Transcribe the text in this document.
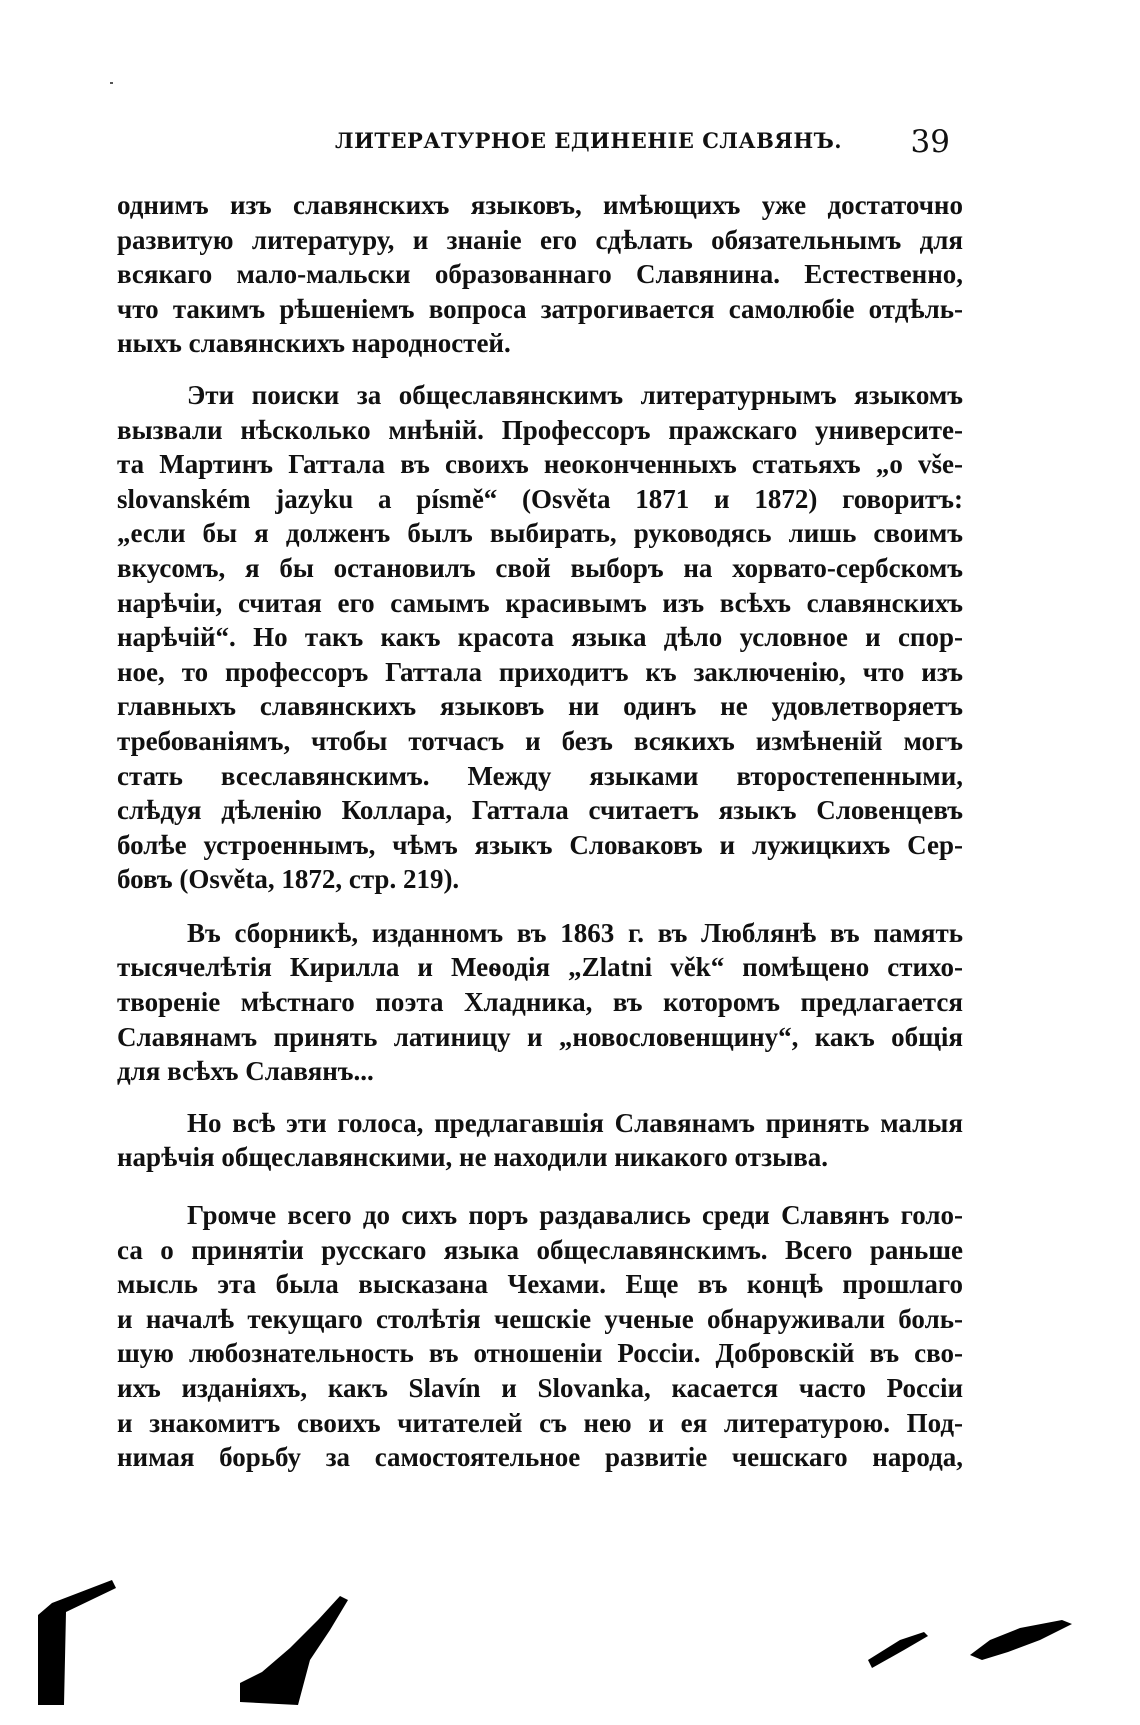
ЛИТЕРАТУРНОЕ ЕДИНЕНІЕ СЛАВЯНЪ. 39

однимъ изъ славянскихъ языковъ, имѣющихъ уже достаточно
развитую литературу, и знаніе его сдѣлать обязательнымъ для
всякаго мало-мальски образованнаго Славянина. Естественно,
что такимъ рѣшеніемъ вопроса затрогивается самолюбіе отдѣль-
ныхъ славянскихъ народностей.

Эти поиски за общеславянскимъ литературнымъ языкомъ
вызвали нѣсколько мнѣній. Профессоръ пражскаго университе-
та Мартинъ Гаттала въ своихъ неоконченныхъ статьяхъ „o vše-
slovanském jazyku a písmě“ (Osvěta 1871 и 1872) говоритъ:
„если бы я долженъ былъ выбирать, руководясь лишь своимъ
вкусомъ, я бы остановилъ свой выборъ на хорвато-сербскомъ
нарѣчіи, считая его самымъ красивымъ изъ всѣхъ славянскихъ
нарѣчій“. Но такъ какъ красота языка дѣло условное и спор-
ное, то профессоръ Гаттала приходитъ къ заключенію, что изъ
главныхъ славянскихъ языковъ ни одинъ не удовлетворяетъ
требованіямъ, чтобы тотчасъ и безъ всякихъ измѣненій могъ
стать всеславянскимъ. Между языками второстепенными,
слѣдуя дѣленію Коллара, Гаттала считаетъ языкъ Словенцевъ
болѣе устроеннымъ, чѣмъ языкъ Словаковъ и лужицкихъ Сер-
бовъ (Osvěta, 1872, стр. 219).

Въ сборникѣ, изданномъ въ 1863 г. въ Люблянѣ въ память
тысячелѣтія Кирилла и Меѳодія „Zlatni věk“ помѣщено стихо-
твореніе мѣстнаго поэта Хладника, въ которомъ предлагается
Славянамъ принять латиницу и „новословенщину“, какъ общія
для всѣхъ Славянъ...

Но всѣ эти голоса, предлагавшія Славянамъ принять малыя
нарѣчія общеславянскими, не находили никакого отзыва.

Громче всего до сихъ поръ раздавались среди Славянъ голо-
са о принятіи русскаго языка общеславянскимъ. Всего раньше
мысль эта была высказана Чехами. Еще въ концѣ прошлаго
и началѣ текущаго столѣтія чешскіе ученые обнаруживали боль-
шую любознательность въ отношеніи Россіи. Добровскій въ сво-
ихъ изданіяхъ, какъ Slavín и Slovanka, касается часто Россіи
и знакомитъ своихъ читателей съ нею и ея литературою. Под-
нимая борьбу за самостоятельное развитіе чешскаго народа,
